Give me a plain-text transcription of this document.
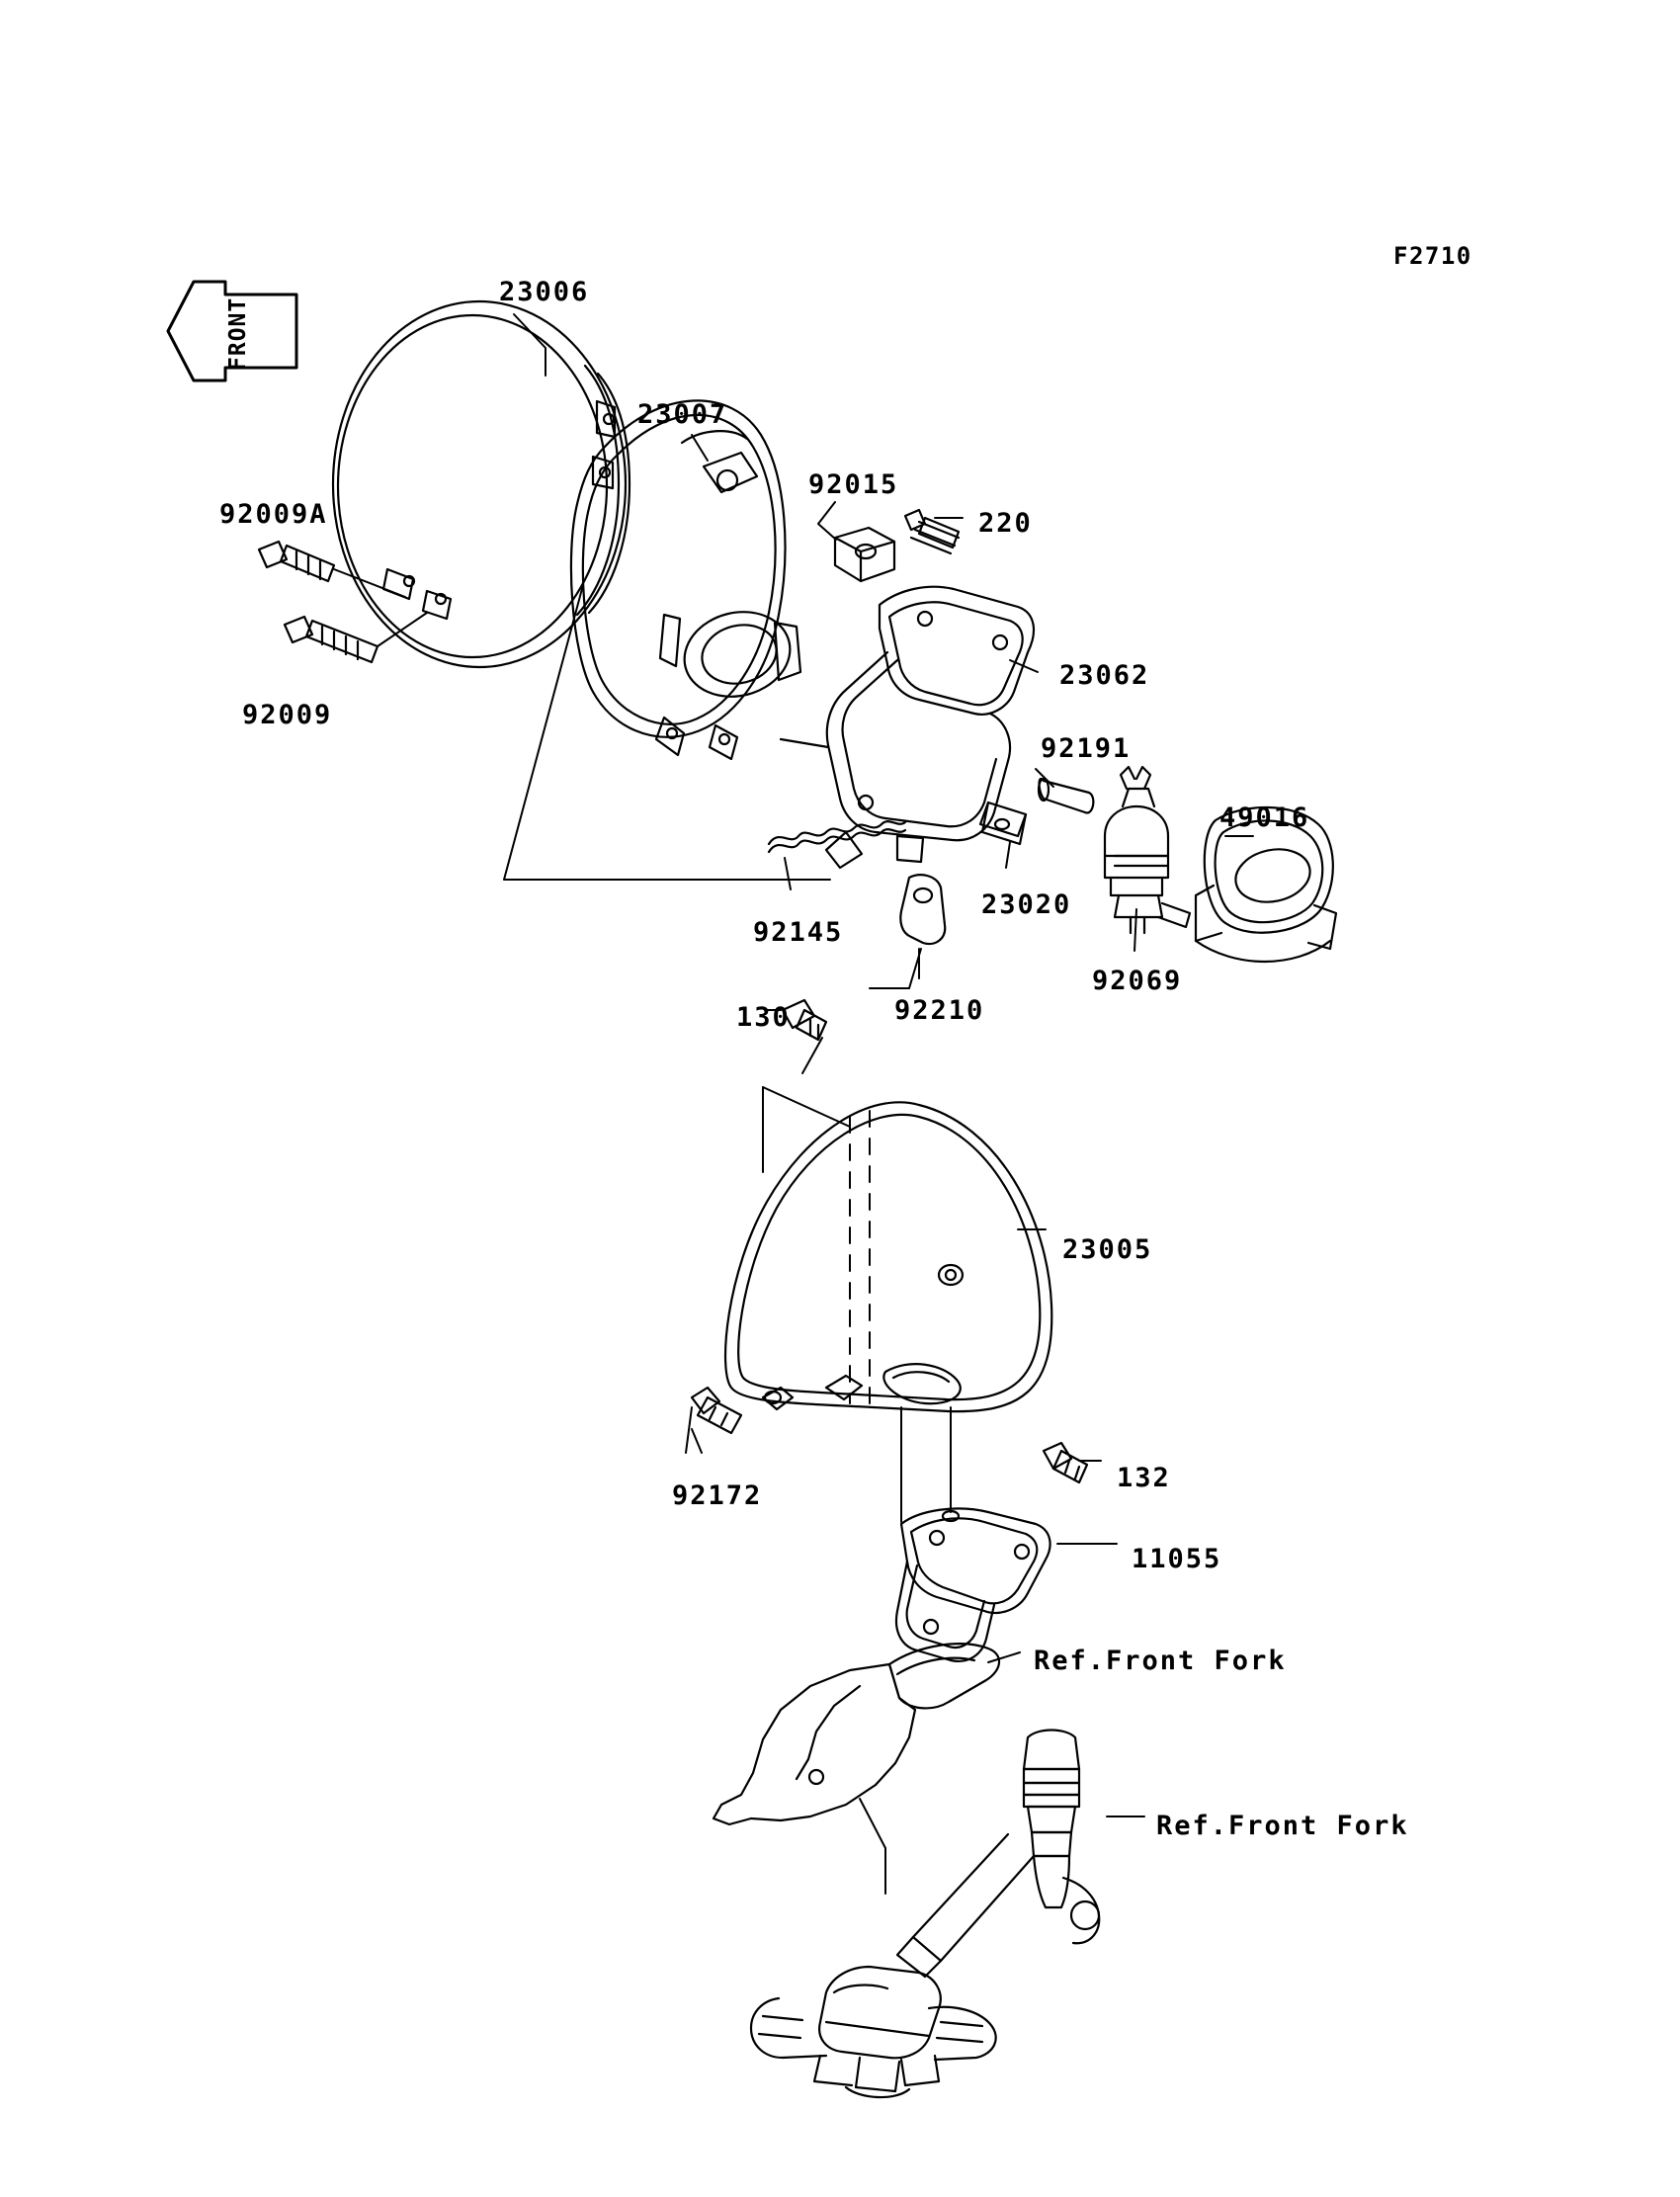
F2710
FRONT
23006
23007
92015
220
92009A
92009
23062
92191
49016
23020
92069
92145
92210
130
23005
92172
132
11055
Ref.Front Fork
Ref.Front Fork
